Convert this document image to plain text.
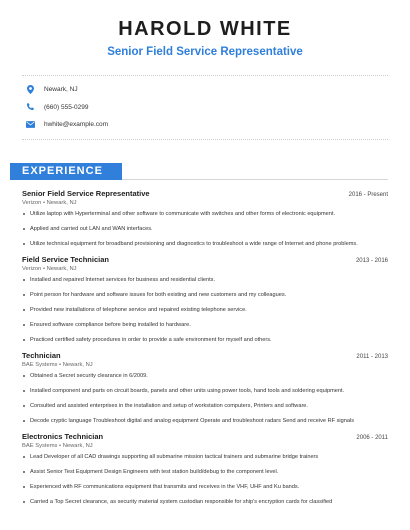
HAROLD WHITE
Senior Field Service Representative
Newark, NJ
(660) 555-0299
hwhite@example.com
EXPERIENCE
Senior Field Service Representative	2016 - Present
Verizon • Newark, NJ
Utilize laptop with Hyperterminal and other software to communicate with switches and other forms of electronic equipment.
Applied and carried out LAN and WAN interfaces.
Utilize technical equipment for broadband provisioning and diagnostics to troubleshoot a wide range of Internet and phone problems.
Field Service Technician	2013 - 2016
Verizon • Newark, NJ
Installed and repaired Internet services for business and residential clients.
Point person for hardware and software issues for both existing and new customers and my colleagues.
Provided new installations of telephone service and repaired existing telephone service.
Ensured software compliance before being installed to hardware.
Practiced certified safety procedures in order to provide a safe environment for myself and others.
Technician	2011 - 2013
BAE Systems • Newark, NJ
Obtained a Secret security clearance in 6/2009.
Installed component and parts on circuit boards, panels and other units using power tools, hand tools and soldering equipment.
Consulted and assisted enterprises in the installation and setup of workstation computers, Printers and software.
Decode cryptic language Troubleshoot digital and analog equipment Operate and troubleshoot radars Send and receive RF signals
Electronics Technician	2006 - 2011
BAE Systems • Newark, NJ
Lead Developer of all CAD drawings supporting all submarine mission tactical trainers and submarine bridge trainers
Assist Senior Test Equipment Design Engineers with test station build/debug to the component level.
Experienced with RF communications equipment that transmits and receives in the VHF, UHF and Ku bands.
Carried a Top Secret clearance, as security material system custodian responsible for ship's encryption cards for classified
